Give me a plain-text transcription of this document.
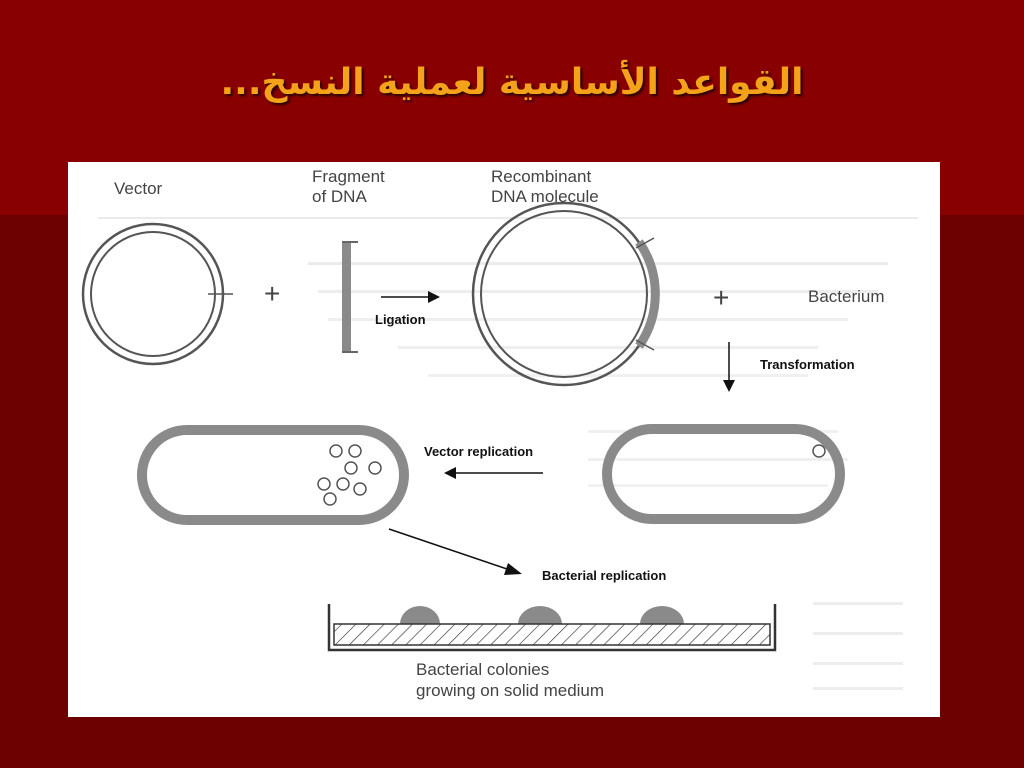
القواعد الأساسية لعملية النسخ...
Vector
+
Fragment
of DNA
Ligation
Recombinant
DNA molecule
+	Bacterium
Transformation
Vector replication
Bacterial replication
Bacterial colonies
growing on solid medium
